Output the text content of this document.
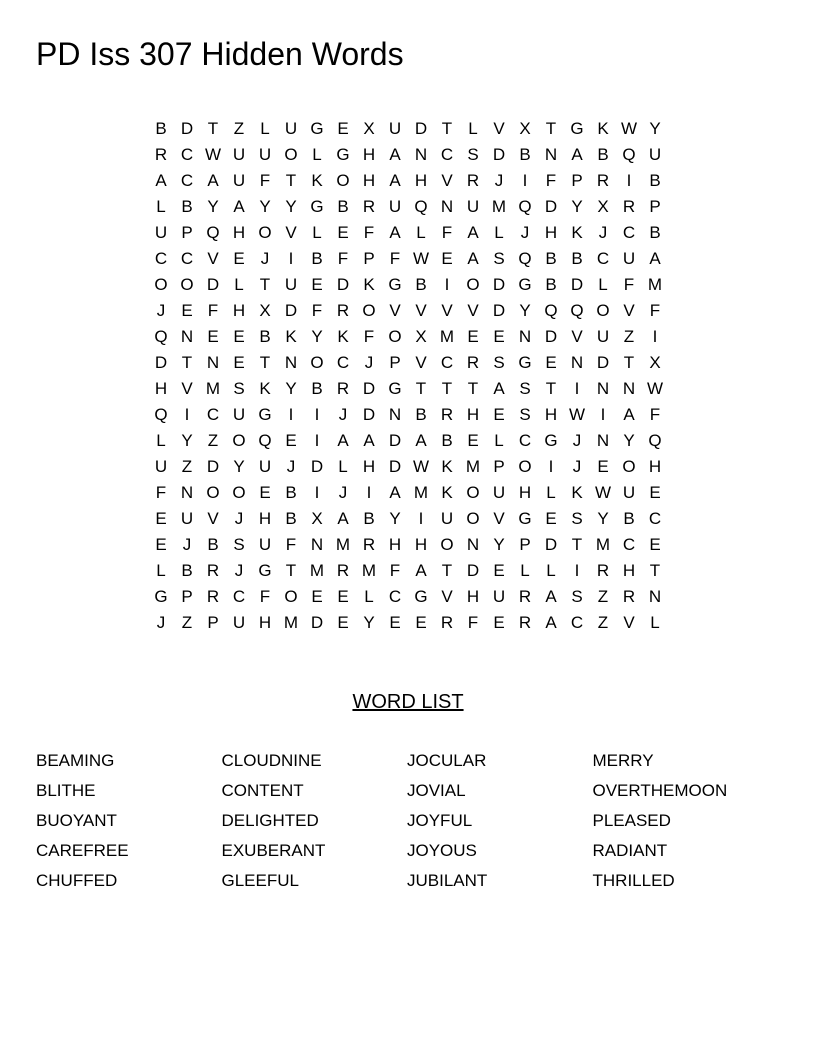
PD Iss 307 Hidden Words
B D T Z L U G E X U D T L V X T G K W Y
R C W U U O L G H A N C S D B N A B Q U
A C A U F T K O H A H V R J	I	F P R	I	B
L B Y A Y Y G B R U Q N U M Q D Y X R P
U P Q H O V L E F A L F A L	J H K J C B
C C V E J	I	B F P F W E A S Q B B C U A
O O D L T U E D K G B	I	O D G B D L F M
J E F H X D F R O V V V V D Y Q Q O V F
Q N E E B K Y K F O X M E E N D V U Z	I
D T N E T N O C J P V C R S G E N D T X
H V M S K Y B R D G T T T A S T	I	N N W
Q	I	C U G	I	I	J D N B R H E S H W I	A F
L Y Z O Q E	I	A A D A B E L C G J N Y Q
U Z D Y U J D L H D W K M P O	I	J E O H
F N O O E B	I	J	I	A M K O U H L K W U E
E U V J H B X A B Y	I	U O V G E S Y B C
E J B S U F N M R H H O N Y P D T M C E
L B R J G T M R M F A T D E L L	I	R H T
G P R C F O E E L C G V H U R A S Z R N
J Z P U H M D E Y E E R F E R A C Z V L
WORD LIST
BEAMING
BLITHE
BUOYANT
CAREFREE
CHUFFED
CLOUDNINE
CONTENT
DELIGHTED
EXUBERANT
GLEEFUL
JOCULAR
JOVIAL
JOYFUL
JOYOUS
JUBILANT
MERRY
OVERTHEMOON
PLEASED
RADIANT
THRILLED
